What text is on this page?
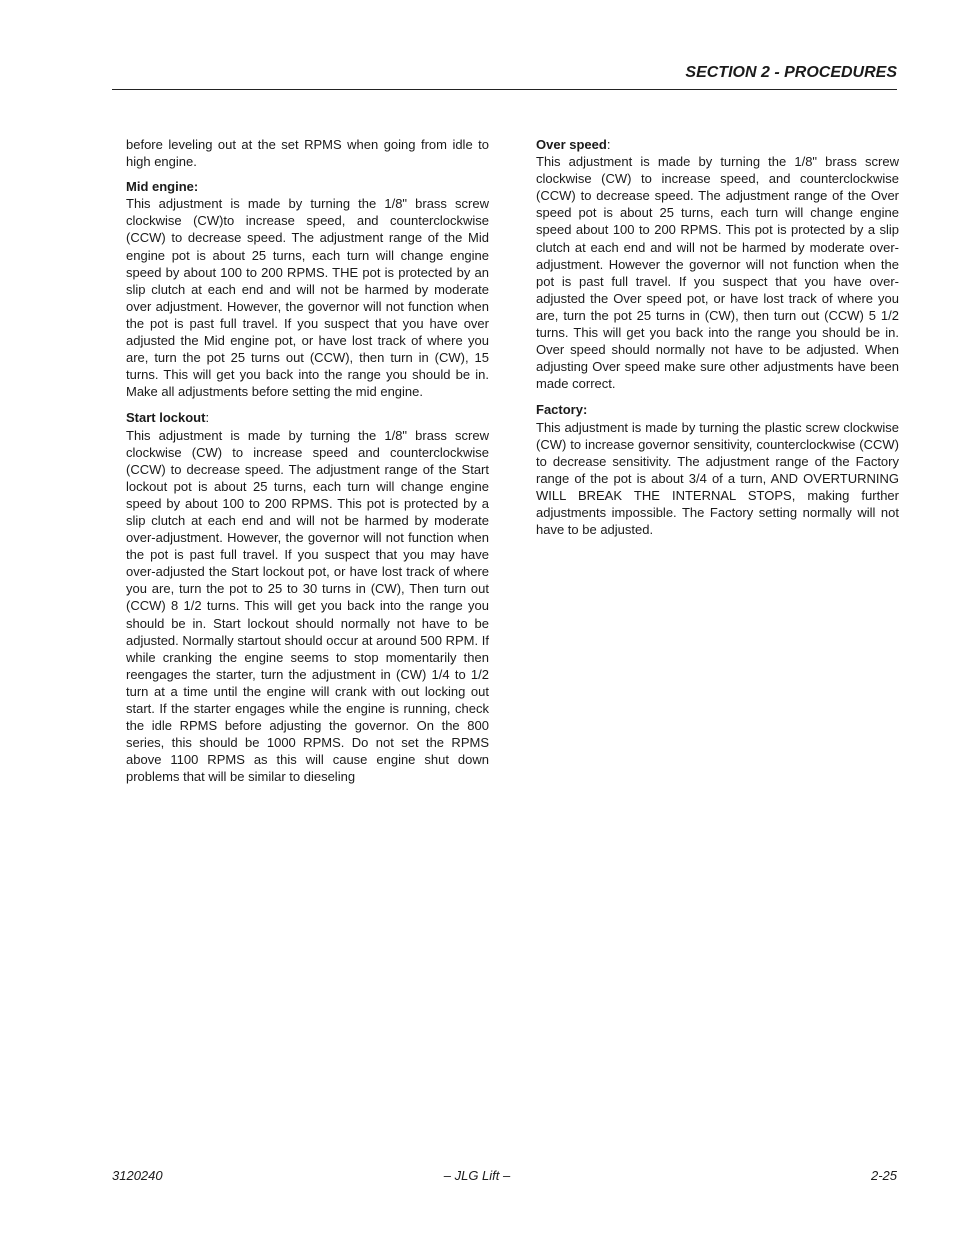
SECTION 2 - PROCEDURES

before leveling out at the set RPMS when going from idle to high engine.

Mid engine:

This adjustment is made by turning the 1/8" brass screw clockwise (CW)to increase speed, and counterclockwise (CCW) to decrease speed. The adjustment range of the Mid engine pot is about 25 turns, each turn will change engine speed by about 100 to 200 RPMS. THE pot is protected by an slip clutch at each end and will not be harmed by moderate over adjustment. However, the governor will not function when the pot is past full travel. If you suspect that you have over adjusted the Mid engine pot, or have lost track of where you are, turn the pot 25 turns out (CCW), then turn in (CW), 15 turns. This will get you back into the range you should be in. Make all adjustments before setting the mid engine.

Start lockout:

This adjustment is made by turning the 1/8" brass screw clockwise (CW) to increase speed and counterclockwise (CCW) to decrease speed. The adjustment range of the Start lockout pot is about 25 turns, each turn will change engine speed by about 100 to 200 RPMS. This pot is protected by a slip clutch at each end and will not be harmed by moderate over-adjustment. However, the governor will not function when the pot is past full travel. If you suspect that you may have over-adjusted the Start lockout pot, or have lost track of where you are, turn the pot to 25 to 30 turns in (CW), Then turn out (CCW) 8 1/2 turns. This will get you back into the range you should be in. Start lockout should normally not have to be adjusted. Normally startout should occur at around 500 RPM. If while cranking the engine seems to stop momentarily then reengages the starter, turn the adjustment in (CW) 1/4 to 1/2 turn at a time until the engine will crank with out locking out start. If the starter engages while the engine is running, check the idle RPMS before adjusting the governor. On the 800 series, this should be 1000 RPMS. Do not set the RPMS above 1100 RPMS as this will cause engine shut down problems that will be similar to dieseling

Over speed:

This adjustment is made by turning the 1/8" brass screw clockwise (CW) to increase speed, and counterclockwise (CCW) to decrease speed. The adjustment range of the Over speed pot is about 25 turns, each turn will change engine speed about 100 to 200 RPMS. This pot is protected by a slip clutch at each end and will not be harmed by moderate over-adjustment. However the governor will not function when the pot is past full travel. If you suspect that you have over-adjusted the Over speed pot, or have lost track of where you are, turn the pot 25 turns in (CW), then turn out (CCW) 5 1/2 turns. This will get you back into the range you should be in. Over speed should normally not have to be adjusted. When adjusting Over speed make sure other adjustments have been made correct.

Factory:

This adjustment is made by turning the plastic screw clockwise (CW) to increase governor sensitivity, counterclockwise (CCW) to decrease sensitivity. The adjustment range of the Factory range of the pot is about 3/4 of a turn, AND OVERTURNING WILL BREAK THE INTERNAL STOPS, making further adjustments impossible. The Factory setting normally will not have to be adjusted.

3120240	– JLG Lift –	2-25
